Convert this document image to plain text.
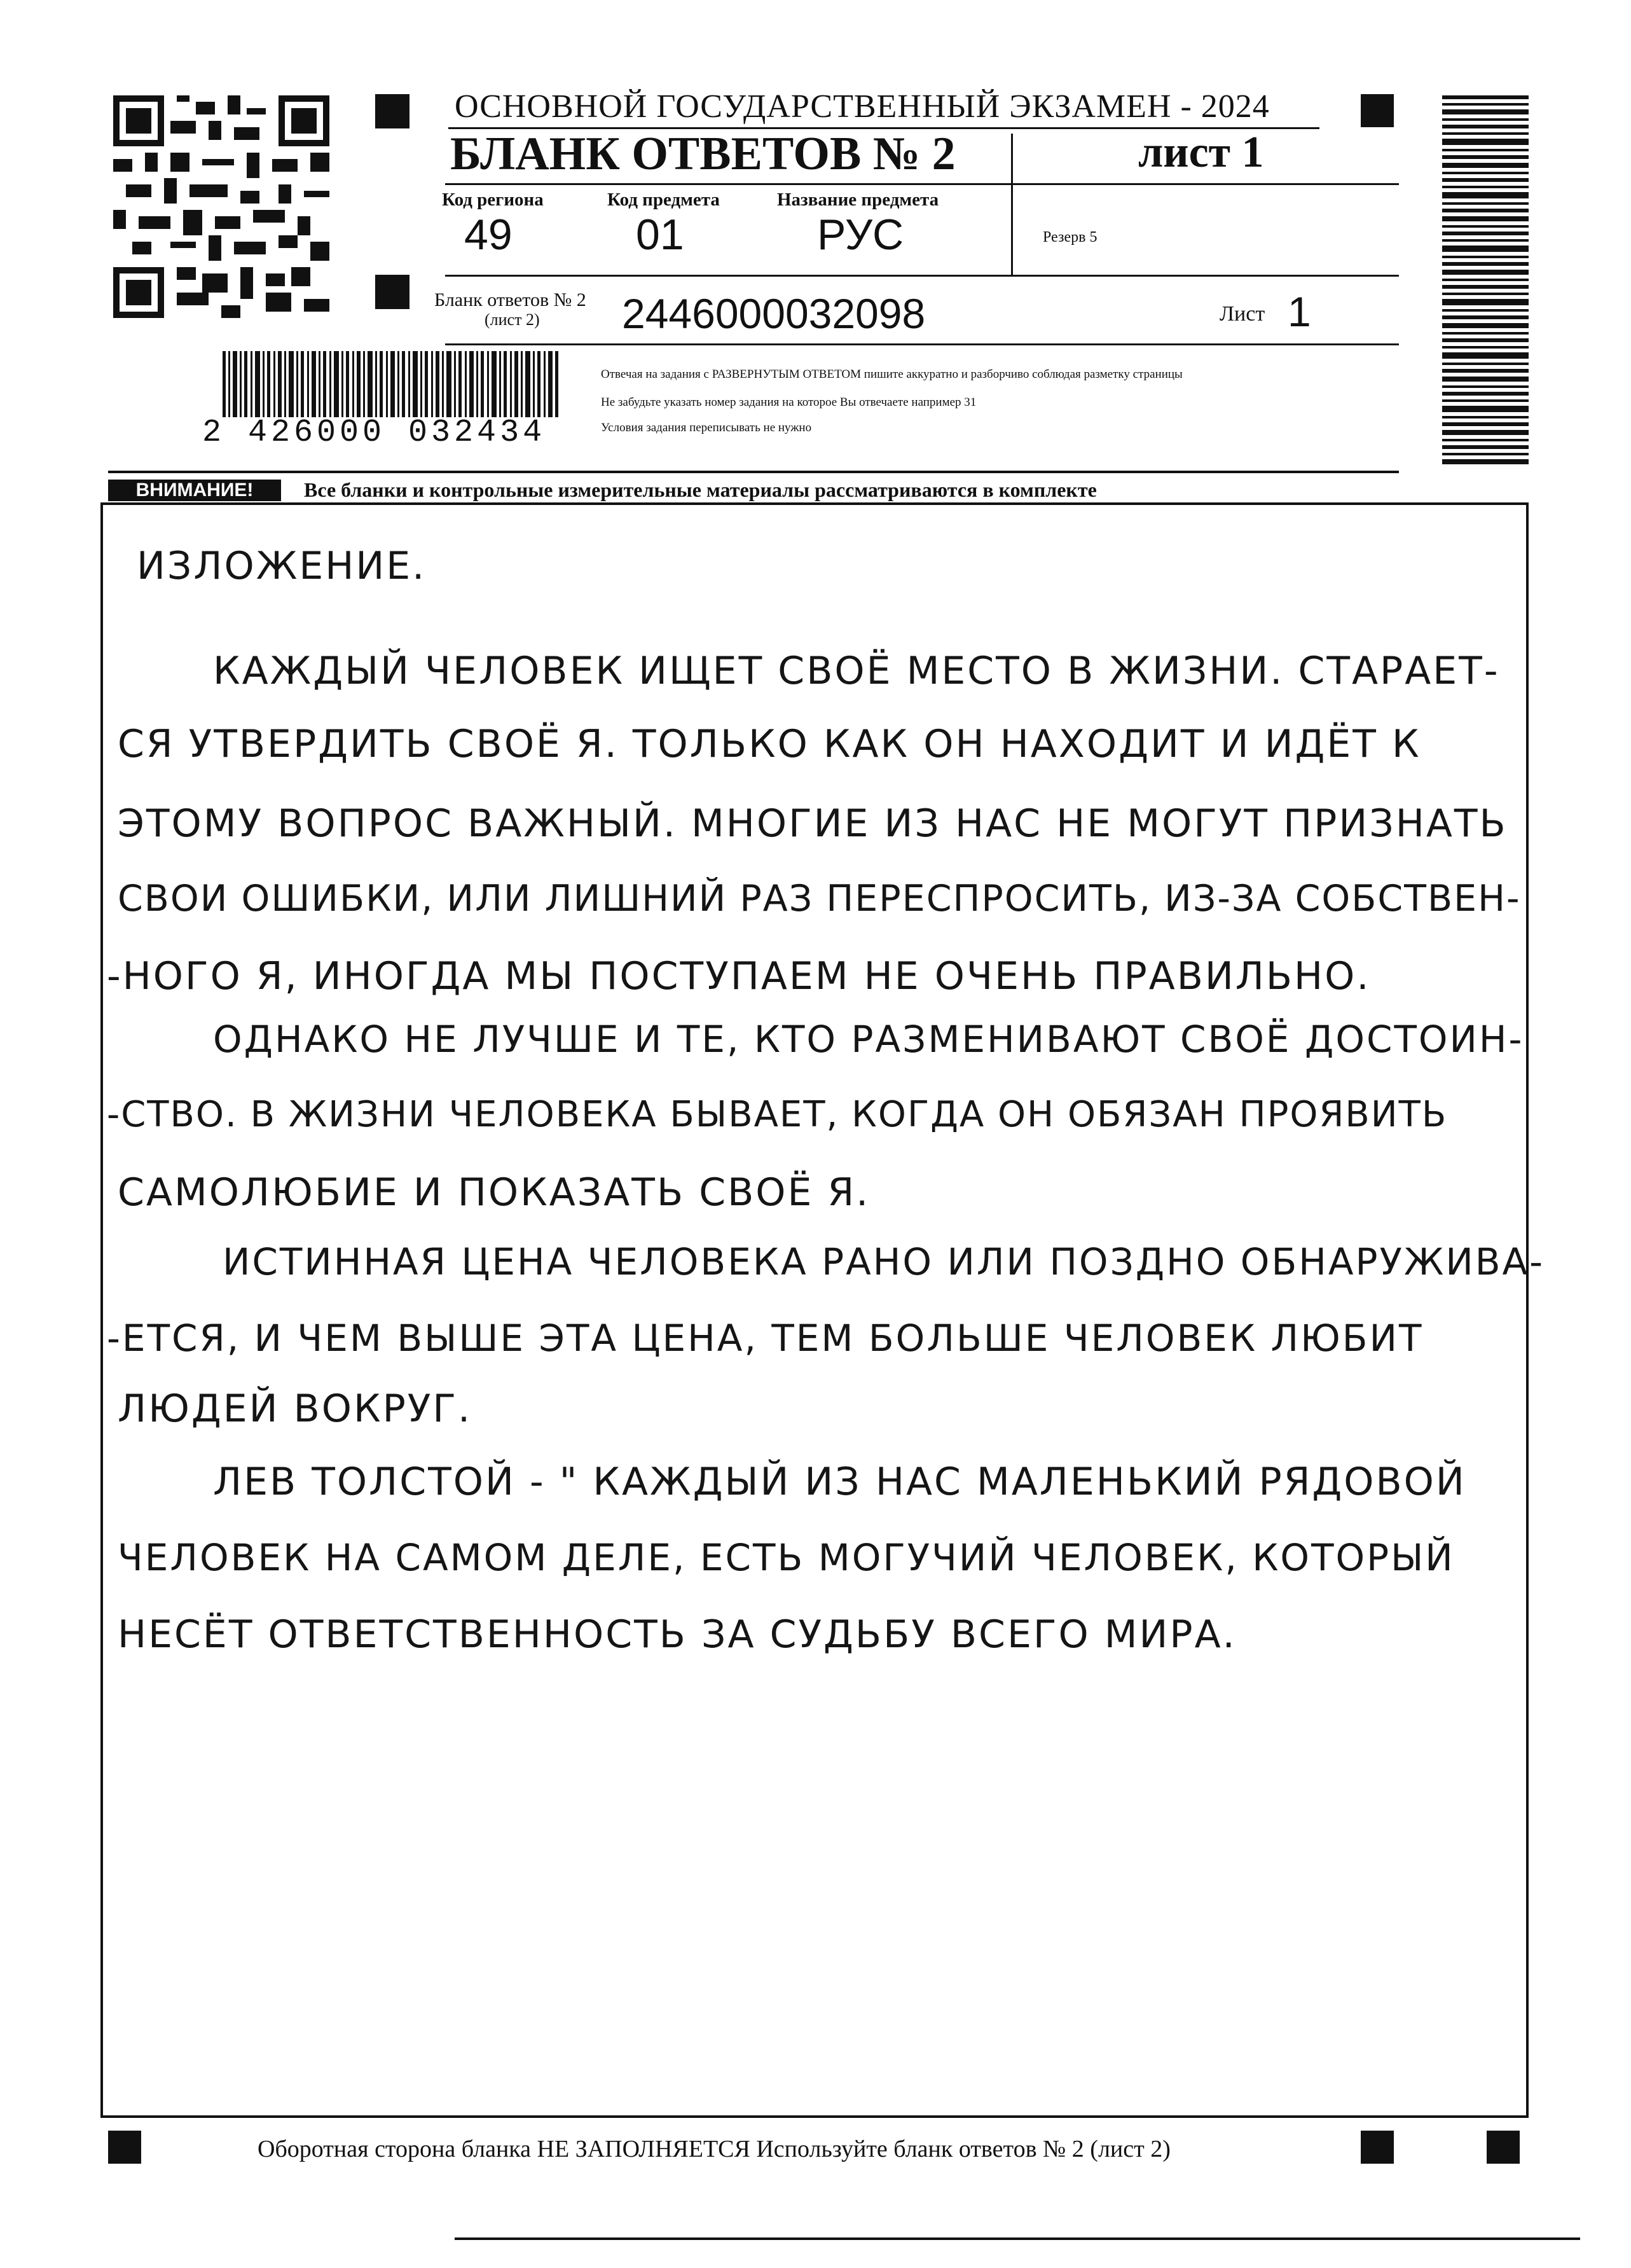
ОСНОВНОЙ ГОСУДАРСТВЕННЫЙ ЭКЗАМЕН - 2024
БЛАНК ОТВЕТОВ № 2	лист 1
Код региона
49
Код предмета
01
Название предмета
РУС	Резерв 5
Бланк ответов № 2
(лист 2) 2446000032098	Лист 1
2 426000 032434
Отвечая на задания с РАЗВЕРНУТЫМ ОТВЕТОМ пишите аккуратно и разборчиво соблюдая разметку страницы
Не забудьте указать номер задания на которое Вы отвечаете например 31
Условия задания переписывать не нужно
ВНИМАНИЕ!	Все бланки и контрольные измерительные материалы рассматриваются в комплекте
ИЗЛОЖЕНИЕ.
КАЖДЫЙ ЧЕЛОВЕК ИЩЕТ СВОЁ МЕСТО В ЖИЗНИ. СТАРАЕТ-
СЯ УТВЕРДИТЬ СВОЁ Я. ТОЛЬКО КАК ОН НАХОДИТ И ИДЁТ К
ЭТОМУ ВОПРОС ВАЖНЫЙ. МНОГИЕ ИЗ НАС НЕ МОГУТ ПРИЗНАТЬ
СВОИ ОШИБКИ, ИЛИ ЛИШНИЙ РАЗ ПЕРЕСПРОСИТЬ, ИЗ-ЗА СОБСТВЕН-
-НОГО Я, ИНОГДА МЫ ПОСТУПАЕМ НЕ ОЧЕНЬ ПРАВИЛЬНО.
ОДНАКО НЕ ЛУЧШЕ И ТЕ, КТО РАЗМЕНИВАЮТ СВОЁ ДОСТОИН-
-СТВО. В ЖИЗНИ ЧЕЛОВЕКА БЫВАЕТ, КОГДА ОН ОБЯЗАН ПРОЯВИТЬ
САМОЛЮБИЕ И ПОКАЗАТЬ СВОЁ Я.
ИСТИННАЯ ЦЕНА ЧЕЛОВЕКА РАНО ИЛИ ПОЗДНО ОБНАРУЖИВА-
-ЕТСЯ, И ЧЕМ ВЫШЕ ЭТА ЦЕНА, ТЕМ БОЛЬШЕ ЧЕЛОВЕК ЛЮБИТ
ЛЮДЕЙ ВОКРУГ.
ЛЕВ ТОЛСТОЙ - " КАЖДЫЙ ИЗ НАС МАЛЕНЬКИЙ РЯДОВОЙ
ЧЕЛОВЕК НА САМОМ ДЕЛЕ, ЕСТЬ МОГУЧИЙ ЧЕЛОВЕК, КОТОРЫЙ
НЕСЁТ ОТВЕТСТВЕННОСТЬ ЗА СУДЬБУ ВСЕГО МИРА.
Оборотная сторона бланка НЕ ЗАПОЛНЯЕТСЯ Используйте бланк ответов № 2 (лист 2)
